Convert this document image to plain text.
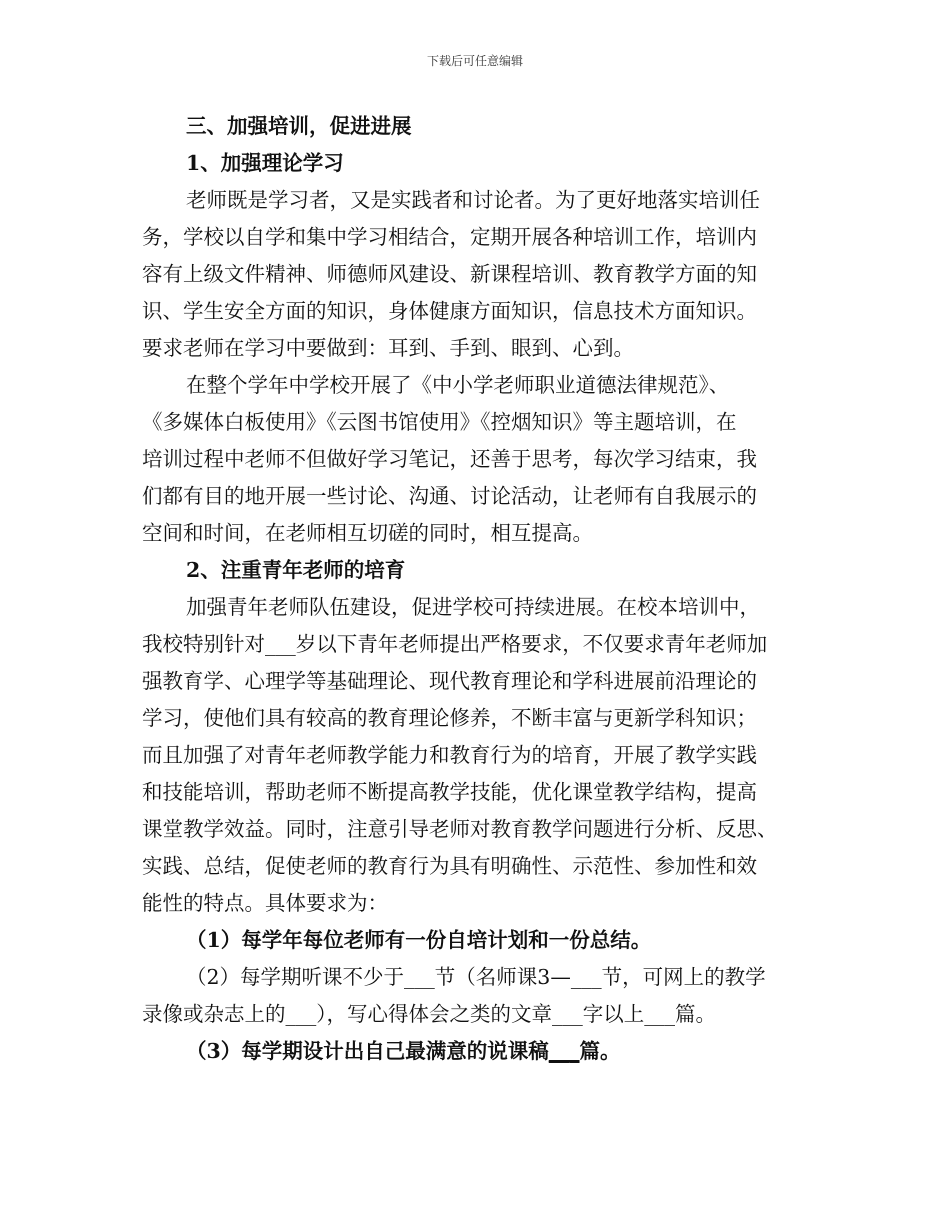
下载后可任意编辑
三、加强培训，促进进展
1、加强理论学习
老师既是学习者，又是实践者和讨论者。为了更好地落实培训任
务，学校以自学和集中学习相结合，定期开展各种培训工作，培训内
容有上级文件精神、师德师风建设、新课程培训、教育教学方面的知
识、学生安全方面的知识，身体健康方面知识，信息技术方面知识。
要求老师在学习中要做到：耳到、手到、眼到、心到。
在整个学年中学校开展了《中小学老师职业道德法律规范》、
《多媒体白板使用》《云图书馆使用》《控烟知识》等主题培训，在
培训过程中老师不但做好学习笔记，还善于思考，每次学习结束，我
们都有目的地开展一些讨论、沟通、讨论活动，让老师有自我展示的
空间和时间，在老师相互切磋的同时，相互提高。
2、注重青年老师的培育
加强青年老师队伍建设，促进学校可持续进展。在校本培训中，
我校特别针对___岁以下青年老师提出严格要求，不仅要求青年老师加
强教育学、心理学等基础理论、现代教育理论和学科进展前沿理论的
学习，使他们具有较高的教育理论修养，不断丰富与更新学科知识；
而且加强了对青年老师教学能力和教育行为的培育，开展了教学实践
和技能培训，帮助老师不断提高教学技能，优化课堂教学结构，提高
课堂教学效益。同时，注意引导老师对教育教学问题进行分析、反思、
实践、总结，促使老师的教育行为具有明确性、示范性、参加性和效
能性的特点。具体要求为：
（1）每学年每位老师有一份自培计划和一份总结。
（2）每学期听课不少于___节（名师课3—___节，可网上的教学
录像或杂志上的___），写心得体会之类的文章___字以上___篇。
（3）每学期设计出自己最满意的说课稿___篇。
